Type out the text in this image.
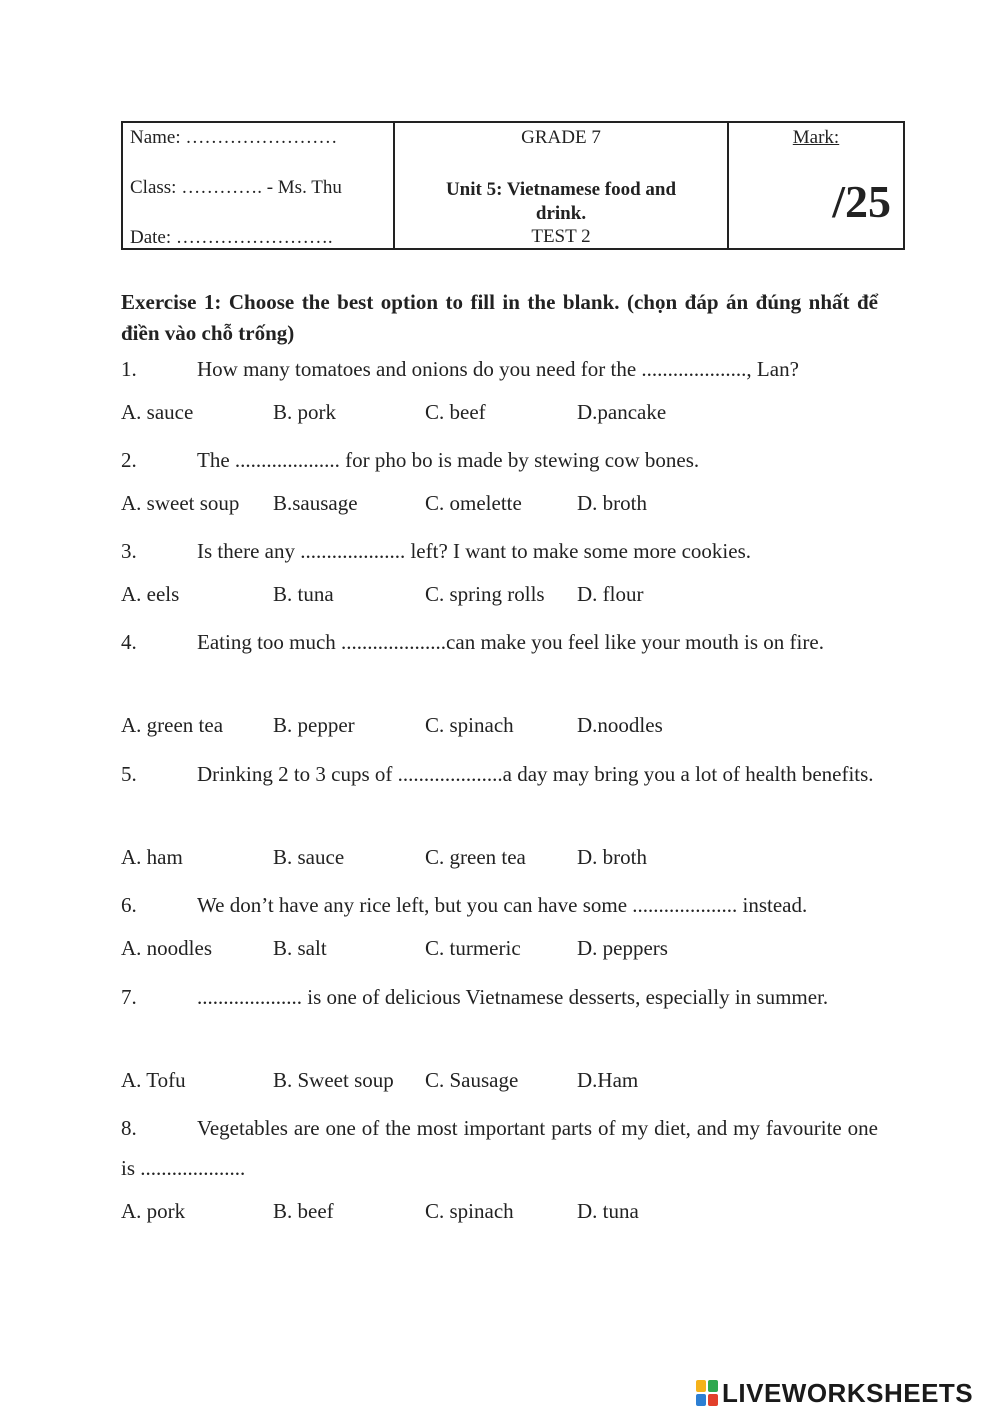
Name: ……………………
Class: …………. - Ms. Thu
Date: …………………….

GRADE 7
Unit 5: Vietnamese food and drink.
TEST 2

Mark:
/25
Exercise 1: Choose the best option to fill in the blank. (chọn đáp án đúng nhất để điền vào chỗ trống)
1.	How many tomatoes and onions do you need for the ...................., Lan?
A. sauce	B. pork	C. beef	D.pancake
2.	The .................... for pho bo is made by stewing cow bones.
A. sweet soup B.sausage	C. omelette	D. broth
3.	Is there any .................... left? I want to make some more cookies.
A. eels	B. tuna	C. spring rolls D. flour
4.	Eating too much ....................can make you feel like your mouth is on fire.
A. green tea B. pepper	C. spinach	D.noodles
5.	Drinking 2 to 3 cups of ....................a day may bring you a lot of health benefits.
A. ham	B. sauce	C. green tea D. broth
6.	We don’t have any rice left, but you can have some .................... instead.
A. noodles	B. salt	C. turmeric	D. peppers
7.	.................... is one of delicious Vietnamese desserts, especially in summer.
A. Tofu	B. Sweet soup C. Sausage	D.Ham
8.	Vegetables are one of the most important parts of my diet, and my favourite one is ....................
A. pork	B. beef	C. spinach	D. tuna
LIVEWORKSHEETS
